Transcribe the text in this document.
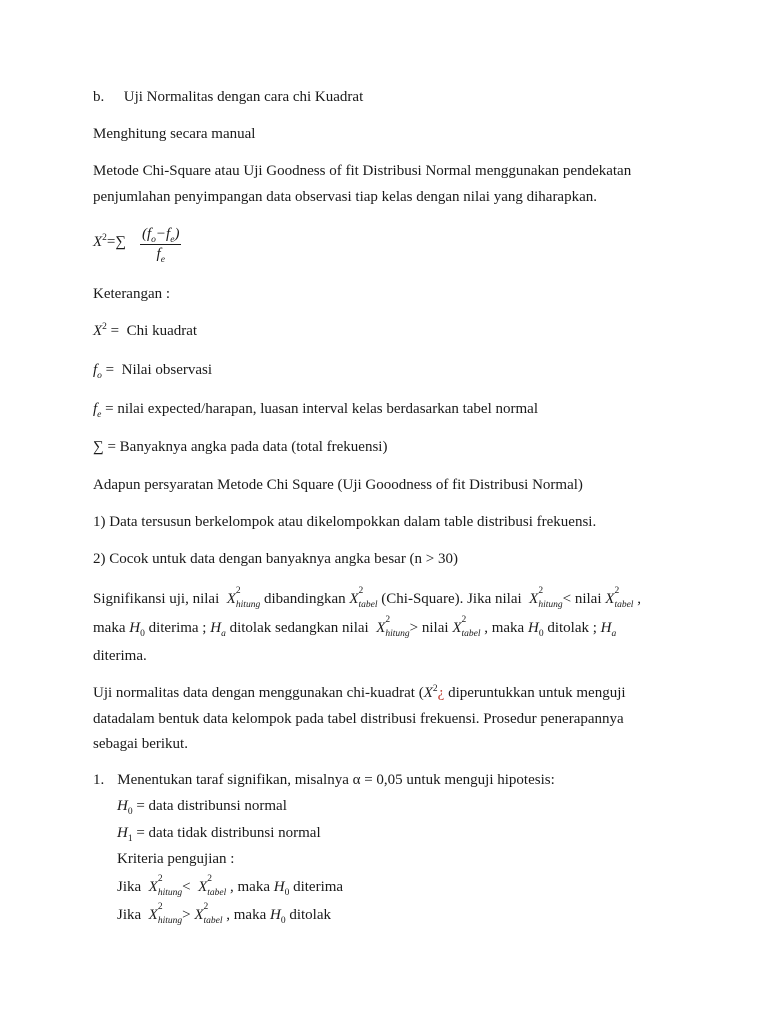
b. Uji Normalitas dengan cara chi Kuadrat
Menghitung secara manual
Metode Chi-Square atau Uji Goodness of fit Distribusi Normal menggunakan pendekatan
penjumlahan penyimpangan data observasi tiap kelas dengan nilai yang diharapkan.
$X^2=\sum$ $(f_o-f_e)$
$f_e$
Keterangan :
$X^2$ =  Chi kuadrat
$f_o$ =  Nilai observasi
$f_e$ = nilai expected/harapan, luasan interval kelas berdasarkan tabel normal
∑ = Banyaknya angka pada data (total frekuensi)
Adapun persyaratan Metode Chi Square (Uji Gooodness of fit Distribusi Normal)
1) Data tersusun berkelompok atau dikelompokkan dalam table distribusi frekuensi.
2) Cocok untuk data dengan banyaknya angka besar (n > 30)
Signifikansi uji, nilai X 2
$_{hitung}$ dibandingkan X 2
$_{tabel}$ (Chi-Square). Jika nilai X 2
$_{hitung}$< nilai X 2
$_{tabel}$ ,
maka $H_0$ diterima ; $H_a$ ditolak sedangkan nilai X 2
$_{hitung}$> nilai X 2
$_{tabel}$ , maka $H_0$ ditolak ; $H_a$
diterima.
Uji normalitas data dengan menggunakan chi-kuadrat ($X^2¿$ diperuntukkan untuk menguji
datadalam bentuk data kelompok pada tabel distribusi frekuensi. Prosedur penerapannya
sebagai berikut.
1. Menentukan taraf signifikan, misalnya α = 0,05 untuk menguji hipotesis:
$H_0$ = data distribunsi normal
$H_1$ = data tidak distribunsi normal
Kriteria pengujian :
Jika X 2
$_{hitung}$<  X 2
$_{tabel}$ , maka $H_0$ diterima
Jika X 2
$_{hitung}$> X 2
$_{tabel}$ , maka $H_0$ ditolak
